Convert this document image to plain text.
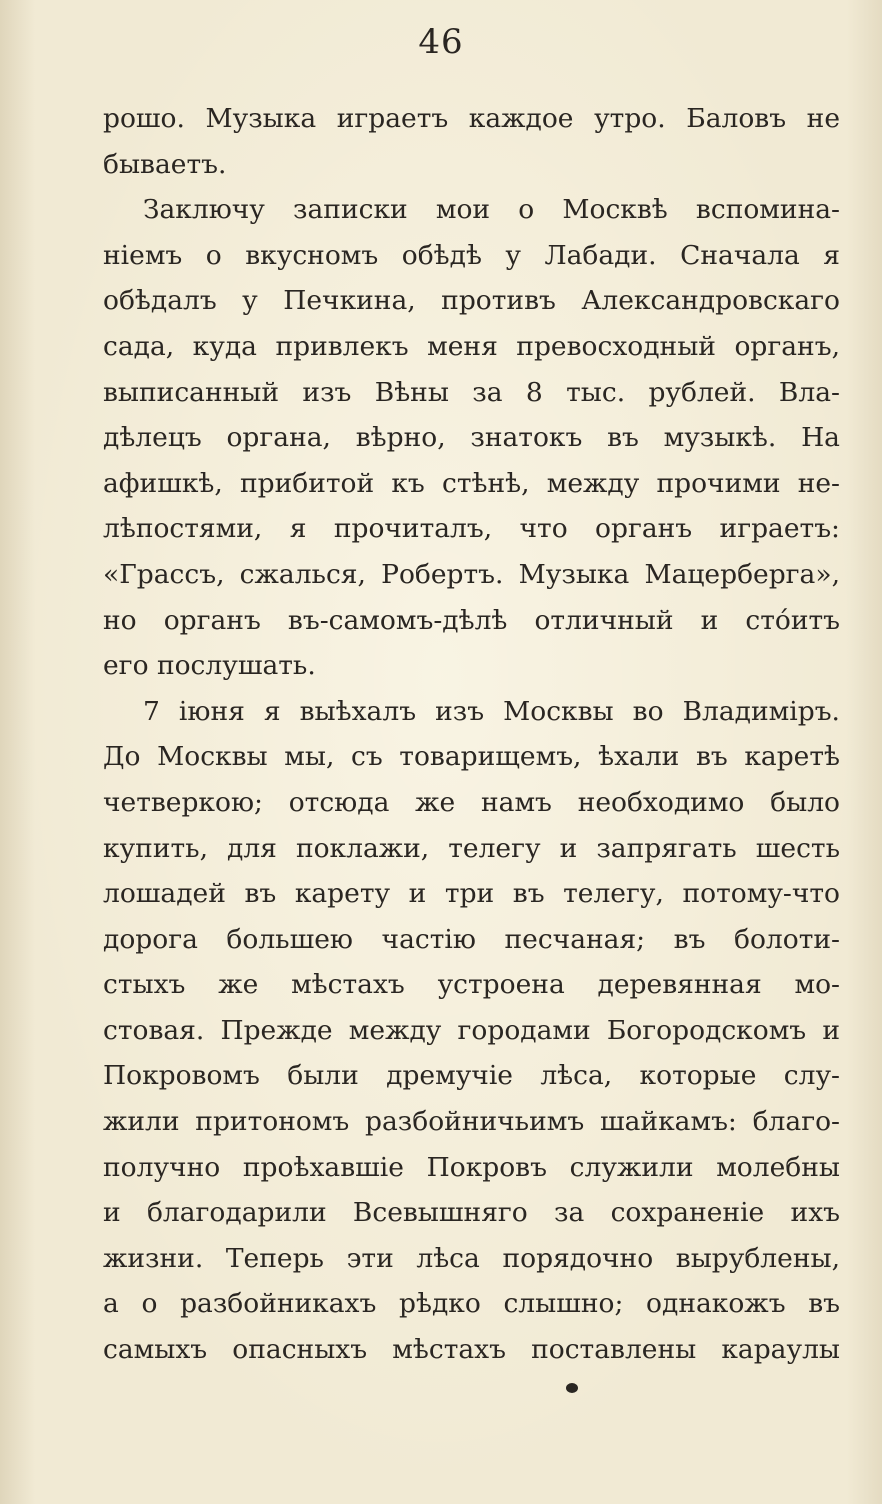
46
рошо. Музыка играетъ каждое утро. Баловъ не
бываетъ.
Заключу записки мои о Москвѣ вспомина-
ніемъ о вкусномъ обѣдѣ у Лабади. Сначала я
обѣдалъ у Печкина, противъ Александровскаго
сада, куда привлекъ меня превосходный органъ,
выписанный изъ Вѣны за 8 тыс. рублей. Вла-
дѣлецъ органа, вѣрно, знатокъ въ музыкѣ. На
афишкѣ, прибитой къ стѣнѣ, между прочими не-
лѣпостями, я прочиталъ, что органъ играетъ:
«Грассъ, сжалься, Робертъ. Музыка Мацерберга»,
но органъ въ-самомъ-дѣлѣ отличный и стóитъ
его послушать.
7 іюня я выѣхалъ изъ Москвы во Владиміръ.
До Москвы мы, съ товарищемъ, ѣхали въ каретѣ
четверкою; отсюда же намъ необходимо было
купить, для поклажи, телегу и запрягать шесть
лошадей въ карету и три въ телегу, потому-что
дорога большею частію песчаная; въ болоти-
стыхъ же мѣстахъ устроена деревянная мо-
стовая. Прежде между городами Богородскомъ и
Покровомъ были дремучіе лѣса, которые слу-
жили притономъ разбойничьимъ шайкамъ: благо-
получно проѣхавшіе Покровъ служили молебны
и благодарили Всевышняго за сохраненіе ихъ
жизни. Теперь эти лѣса порядочно вырублены,
а о разбойникахъ рѣдко слышно; однакожъ въ
самыхъ опасныхъ мѣстахъ поставлены караулы
